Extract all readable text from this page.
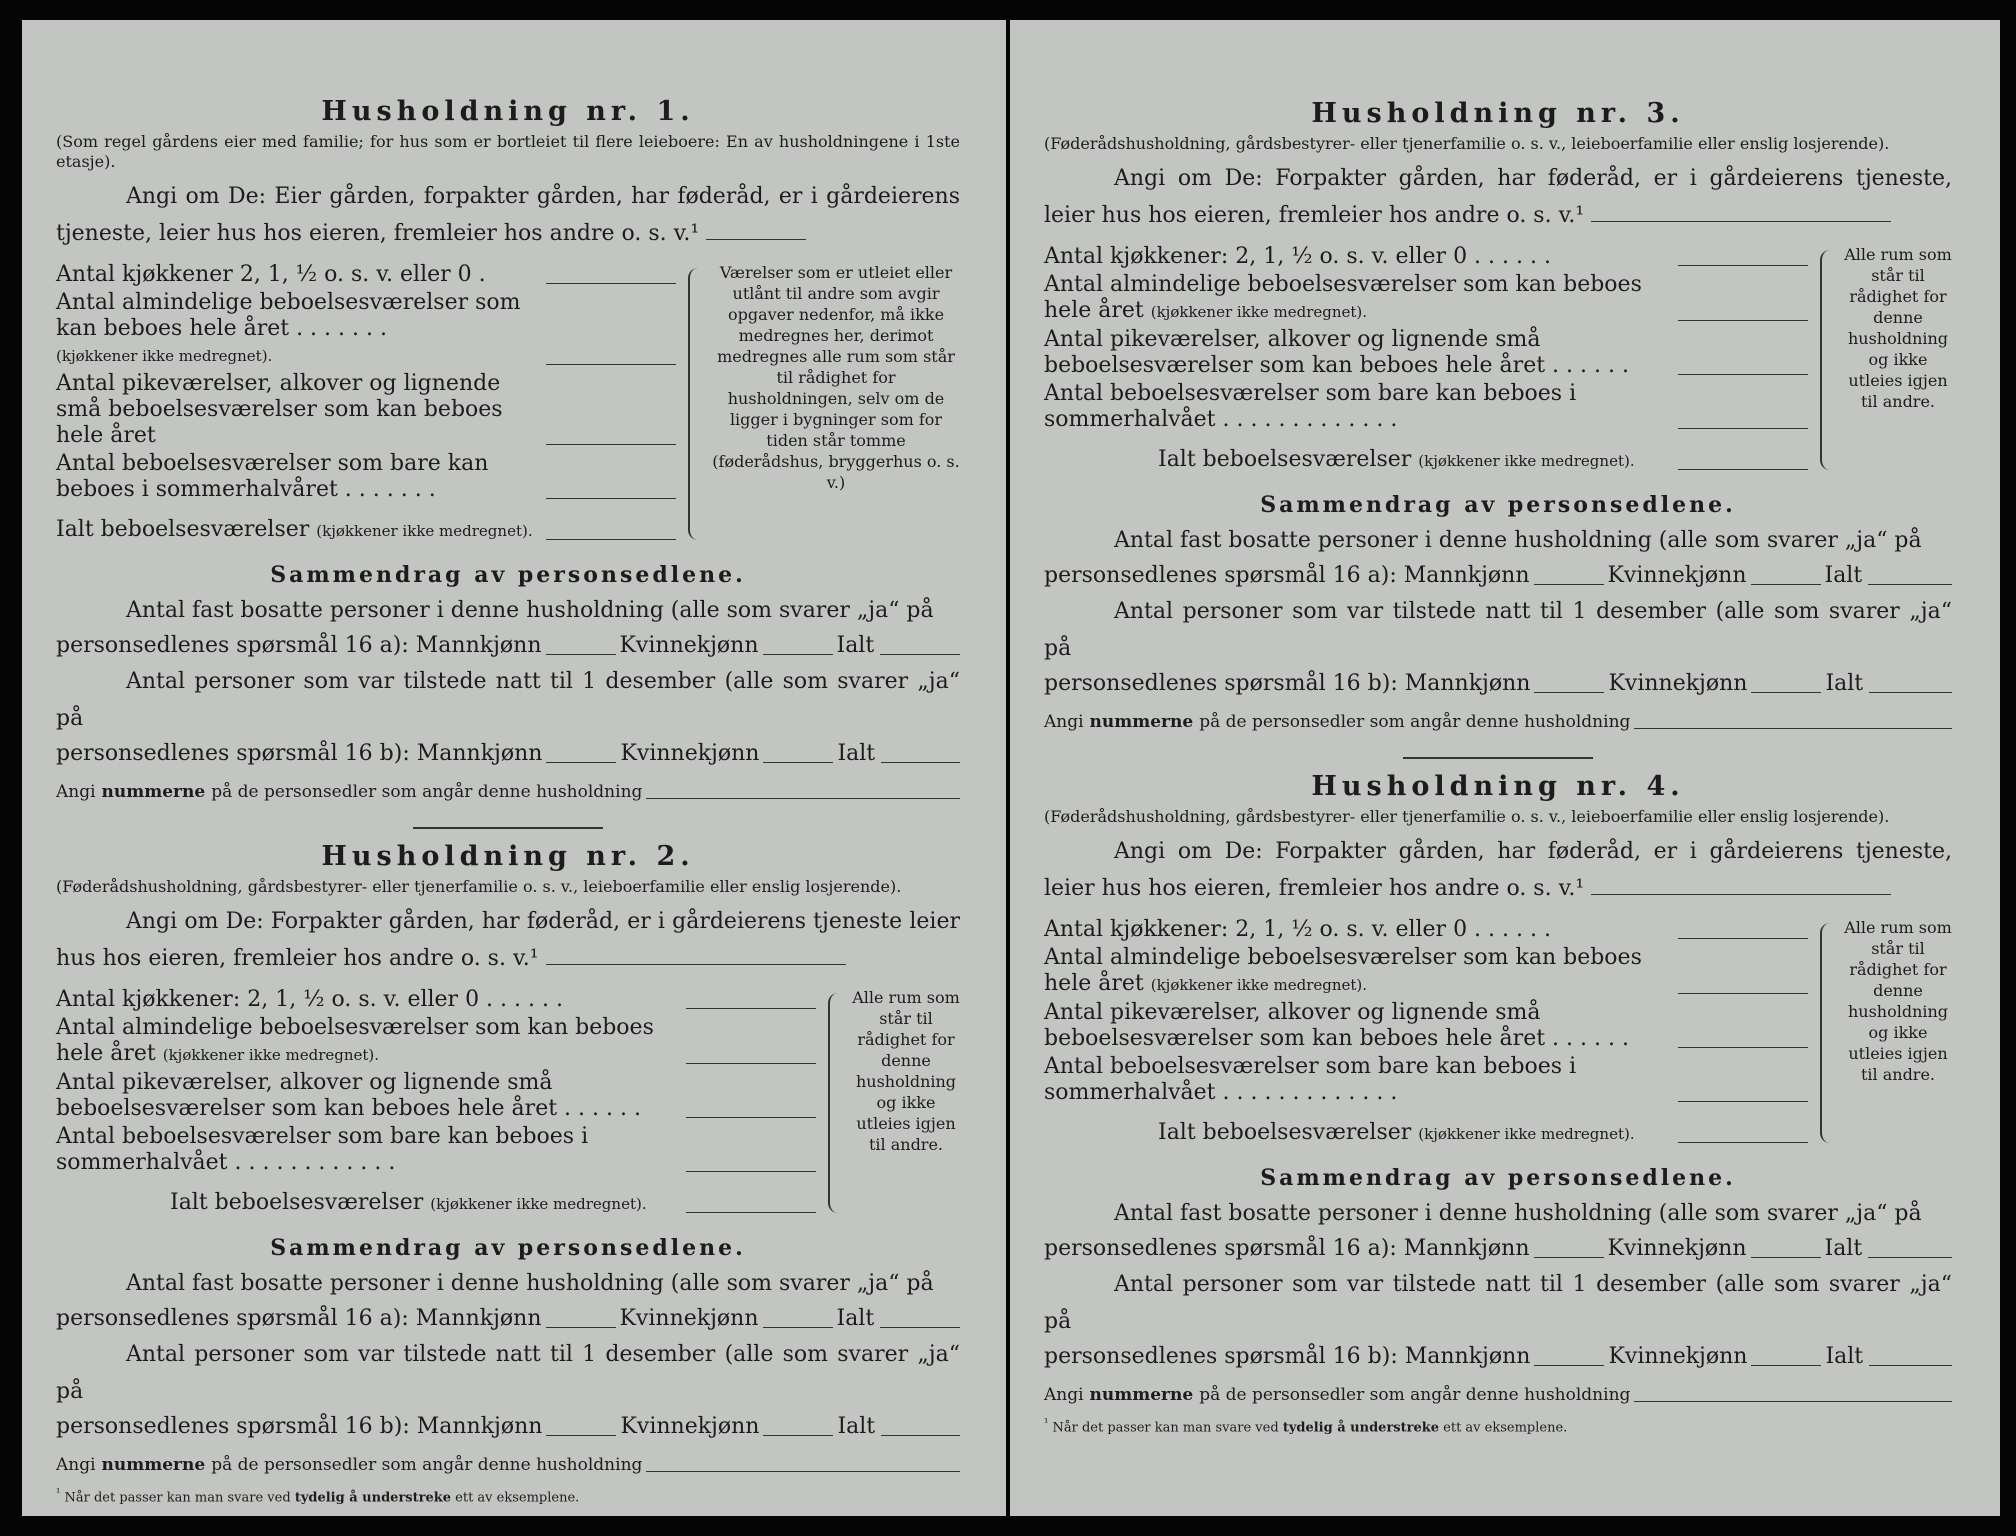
Husholdning nr. 1.

(Som regel gårdens eier med familie; for hus som er bortleiet til flere leieboere: En av husholdningene i 1ste etasje).

Angi om De: Eier gården, forpakter gården, har føderåd, er i gårdeierens tjeneste, leier hus hos eieren, fremleier hos andre o. s. v.¹

Antal kjøkkener 2, 1, ½ o. s. v. eller 0 .
Antal almindelige beboelsesværelser som kan beboes hele året . . . . . . .
(kjøkkener ikke medregnet).
Antal pikeværelser, alkover og lignende små beboelsesværelser som kan beboes hele året
Antal beboelsesværelser som bare kan beboes i sommerhalvåret . . . . . . .
Ialt beboelsesværelser (kjøkkener ikke medregnet).
Værelser som er utleiet eller utlånt til andre som avgir opgaver nedenfor, må ikke medregnes her, derimot medregnes alle rum som står til rådighet for husholdningen, selv om de ligger i bygninger som for tiden står tomme (føderådshus, bryggerhus o. s. v.)
Sammendrag av personsedlene.

Antal fast bosatte personer i denne husholdning (alle som svarer „ja“ på

personsedlenes spørsmål 16 a):
Mannkjønn	Kvinnekjønn	Ialt

Antal personer som var tilstede natt til 1 desember (alle som svarer „ja“ på

personsedlenes spørsmål 16 b):
Mannkjønn	Kvinnekjønn	Ialt
Angi nummerne på de personsedler som angår denne husholdning
Husholdning nr. 2.

(Føderådshusholdning, gårdsbestyrer- eller tjenerfamilie o. s. v., leieboerfamilie eller enslig losjerende).

Angi om De: Forpakter gården, har føderåd, er i gårdeierens tjeneste leier hus hos eieren, fremleier hos andre o. s. v.¹

Antal kjøkkener: 2, 1, ½ o. s. v. eller 0 . . . . . .
Antal almindelige beboelsesværelser som kan beboes hele året (kjøkkener ikke medregnet).
Antal pikeværelser, alkover og lignende små beboelsesværelser som kan beboes hele året . . . . . .
Antal beboelsesværelser som bare kan beboes i sommerhalvået . . . . . . . . . . . .
Ialt beboelsesværelser (kjøkkener ikke medregnet).
Alle rum som står til rådighet for denne husholdning og ikke utleies igjen til andre.
Sammendrag av personsedlene.

Antal fast bosatte personer i denne husholdning (alle som svarer „ja“ på

personsedlenes spørsmål 16 a):
Mannkjønn	Kvinnekjønn	Ialt

Antal personer som var tilstede natt til 1 desember (alle som svarer „ja“ på

personsedlenes spørsmål 16 b):
Mannkjønn	Kvinnekjønn	Ialt
Angi nummerne på de personsedler som angår denne husholdning
$^{^1}$ Når det passer kan man svare ved tydelig å understreke ett av eksemplene.
Husholdning nr. 3.

(Føderådshusholdning, gårdsbestyrer- eller tjenerfamilie o. s. v., leieboerfamilie eller enslig losjerende).

Angi om De: Forpakter gården, har føderåd, er i gårdeierens tjeneste, leier hus hos eieren, fremleier hos andre o. s. v.¹

Antal kjøkkener: 2, 1, ½ o. s. v. eller 0 . . . . . .
Antal almindelige beboelsesværelser som kan beboes hele året (kjøkkener ikke medregnet).
Antal pikeværelser, alkover og lignende små beboelsesværelser som kan beboes hele året . . . . . .
Antal beboelsesværelser som bare kan beboes i sommerhalvået . . . . . . . . . . . . .
Ialt beboelsesværelser (kjøkkener ikke medregnet).
Alle rum som står til rådighet for denne husholdning og ikke utleies igjen til andre.
Sammendrag av personsedlene.

Antal fast bosatte personer i denne husholdning (alle som svarer „ja“ på

personsedlenes spørsmål 16 a):
Mannkjønn	Kvinnekjønn	Ialt

Antal personer som var tilstede natt til 1 desember (alle som svarer „ja“ på

personsedlenes spørsmål 16 b):
Mannkjønn	Kvinnekjønn	Ialt
Angi nummerne på de personsedler som angår denne husholdning
Husholdning nr. 4.

(Føderådshusholdning, gårdsbestyrer- eller tjenerfamilie o. s. v., leieboerfamilie eller enslig losjerende).

Angi om De: Forpakter gården, har føderåd, er i gårdeierens tjeneste, leier hus hos eieren, fremleier hos andre o. s. v.¹

Antal kjøkkener: 2, 1, ½ o. s. v. eller 0 . . . . . .
Antal almindelige beboelsesværelser som kan beboes hele året (kjøkkener ikke medregnet).
Antal pikeværelser, alkover og lignende små beboelsesværelser som kan beboes hele året . . . . . .
Antal beboelsesværelser som bare kan beboes i sommerhalvået . . . . . . . . . . . . .
Ialt beboelsesværelser (kjøkkener ikke medregnet).
Alle rum som står til rådighet for denne husholdning og ikke utleies igjen til andre.
Sammendrag av personsedlene.

Antal fast bosatte personer i denne husholdning (alle som svarer „ja“ på

personsedlenes spørsmål 16 a):
Mannkjønn	Kvinnekjønn	Ialt

Antal personer som var tilstede natt til 1 desember (alle som svarer „ja“ på

personsedlenes spørsmål 16 b):
Mannkjønn	Kvinnekjønn	Ialt
Angi nummerne på de personsedler som angår denne husholdning
$^{^1}$ Når det passer kan man svare ved tydelig å understreke ett av eksemplene.
